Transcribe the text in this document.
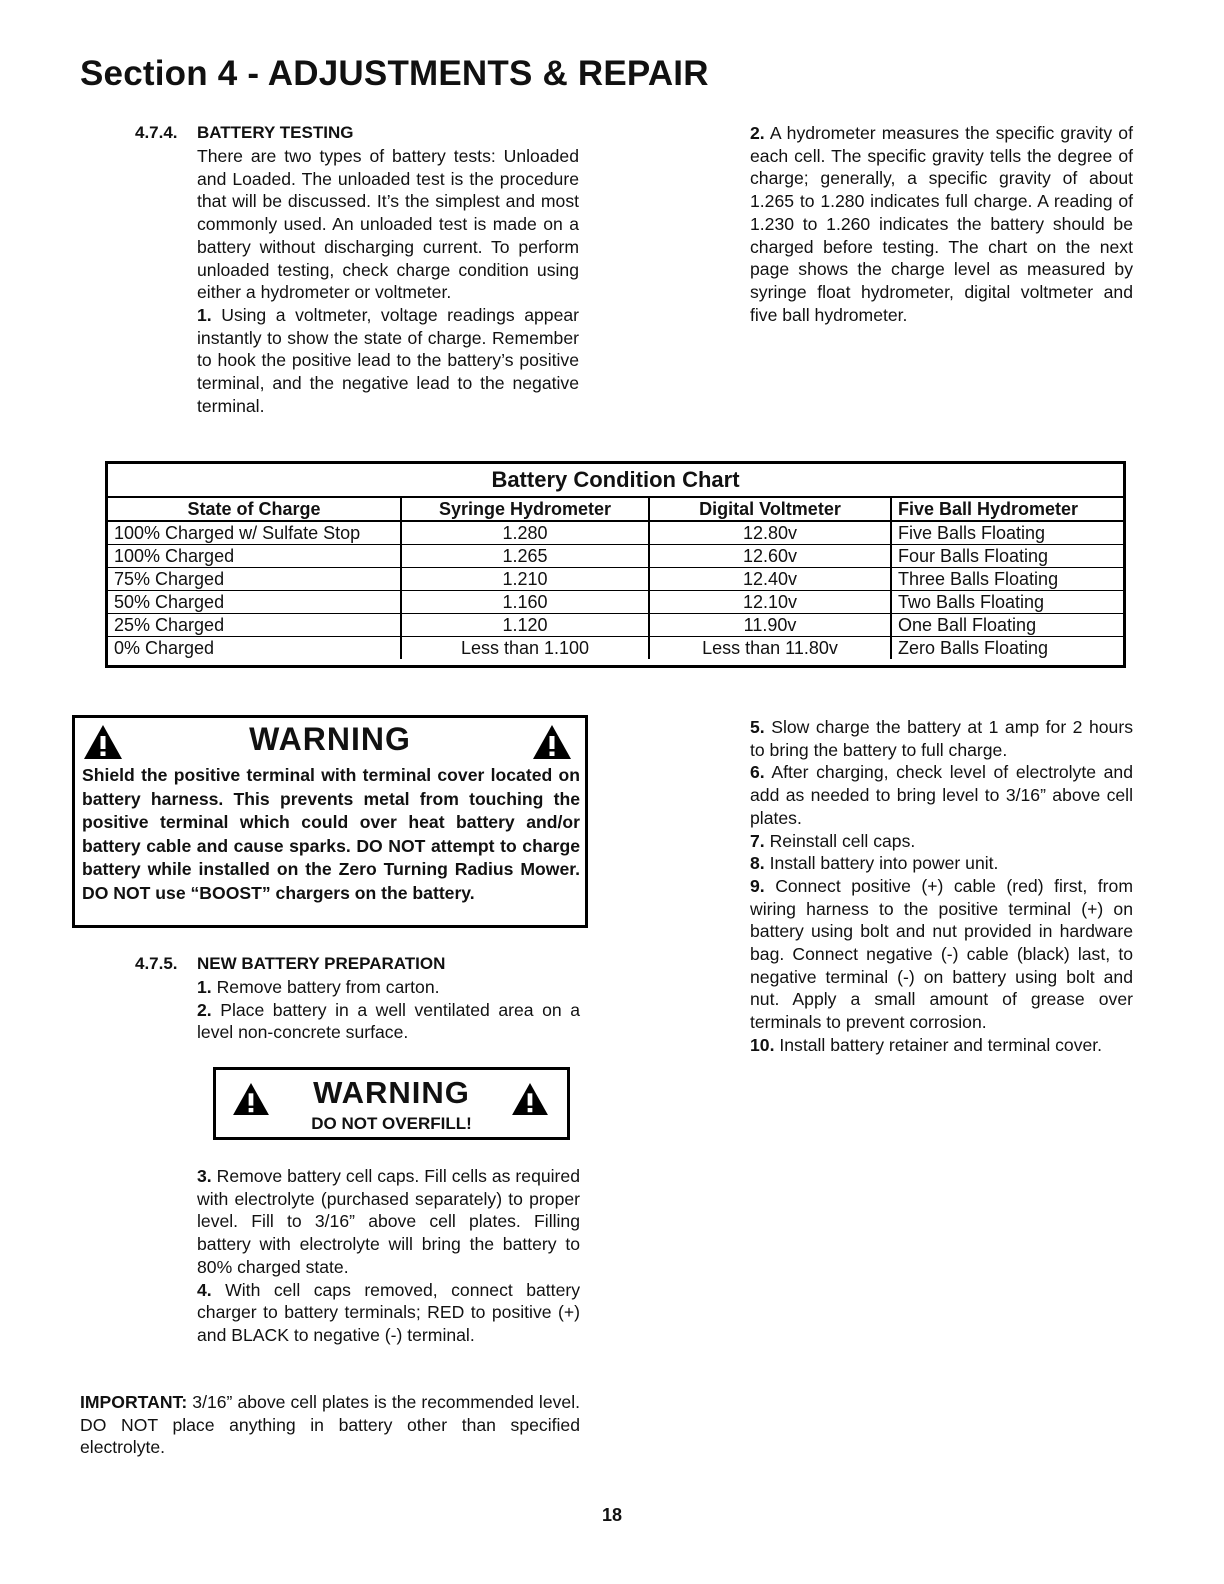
Section 4 - ADJUSTMENTS & REPAIR
4.7.4. BATTERY TESTING

There are two types of battery tests: Unloaded and Loaded. The unloaded test is the procedure that will be discussed. It’s the simplest and most commonly used. An unloaded test is made on a battery without discharging current. To perform unloaded testing, check charge condition using either a hydrometer or voltmeter.

1. Using a voltmeter, voltage readings appear instantly to show the state of charge. Remember to hook the positive lead to the battery’s positive terminal, and the negative lead to the negative terminal.

2. A hydrometer measures the specific gravity of each cell. The specific gravity tells the degree of charge; generally, a specific gravity of about 1.265 to 1.280 indicates full charge. A reading of 1.230 to 1.260 indicates the battery should be charged before testing. The chart on the next page shows the charge level as measured by syringe float hydrometer, digital voltmeter and five ball hydrometer.

Battery Condition Chart			
State of Charge	Syringe Hydrometer	Digital Voltmeter	Five Ball Hydrometer
100% Charged w/ Sulfate Stop	1.280	12.80v	Five Balls Floating
100% Charged	1.265	12.60v	Four Balls Floating
75% Charged	1.210	12.40v	Three Balls Floating
50% Charged	1.160	12.10v	Two Balls Floating
25% Charged	1.120	11.90v	One Ball Floating
0% Charged	Less than 1.100	Less than 11.80v	Zero Balls Floating
WARNING
Shield the positive terminal with terminal cover located on battery harness. This prevents metal from touching the positive terminal which could over heat battery and/or battery cable and cause sparks. DO NOT attempt to charge battery while installed on the Zero Turning Radius Mower. DO NOT use “BOOST” chargers on the battery.
4.7.5. NEW BATTERY PREPARATION

1. Remove battery from carton.

2. Place battery in a well ventilated area on a level non-concrete surface.

WARNING
DO NOT OVERFILL!

3. Remove battery cell caps. Fill cells as required with electrolyte (purchased separately) to proper level. Fill to 3/16” above cell plates. Filling battery with electrolyte will bring the battery to 80% charged state.

4. With cell caps removed, connect battery charger to battery terminals; RED to positive (+) and BLACK to negative (-) terminal.

IMPORTANT: 3/16” above cell plates is the recommended level. DO NOT place anything in battery other than specified electrolyte.

5. Slow charge the battery at 1 amp for 2 hours to bring the battery to full charge.

6. After charging, check level of electrolyte and add as needed to bring level to 3/16” above cell plates.

7. Reinstall cell caps.

8. Install battery into power unit.

9. Connect positive (+) cable (red) first, from wiring harness to the positive terminal (+) on battery using bolt and nut provided in hardware bag. Connect negative (-) cable (black) last, to negative terminal (-) on battery using bolt and nut. Apply a small amount of grease over terminals to prevent corrosion.

10. Install battery retainer and terminal cover.

18
